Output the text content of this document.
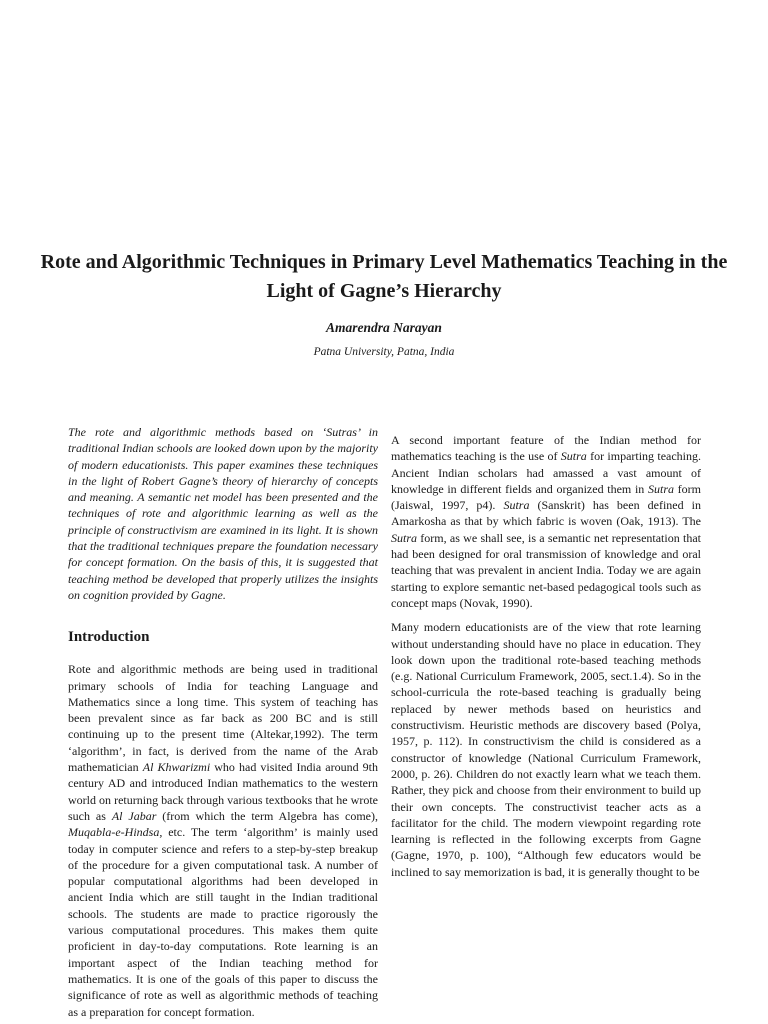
Rote and Algorithmic Techniques in Primary Level Mathematics Teaching in the Light of Gagne’s Hierarchy
Amarendra Narayan
Patna University, Patna, India

The rote and algorithmic methods based on ‘Sutras’ in traditional Indian schools are looked down upon by the majority of modern educationists. This paper examines these techniques in the light of Robert Gagne’s theory of hierarchy of concepts and meaning. A semantic net model has been presented and the techniques of rote and algorithmic learning as well as the principle of constructivism are examined in its light. It is shown that the traditional techniques prepare the foundation necessary for concept formation. On the basis of this, it is suggested that teaching method be developed that properly utilizes the insights on cognition provided by Gagne.

Introduction

Rote and algorithmic methods are being used in traditional primary schools of India for teaching Language and Mathematics since a long time. This system of teaching has been prevalent since as far back as 200 BC and is still continuing up to the present time (Altekar,1992). The term ‘algorithm’, in fact, is derived from the name of the Arab mathematician Al Khwarizmi who had visited India around 9th century AD and introduced Indian mathematics to the western world on returning back through various textbooks that he wrote such as Al Jabar (from which the term Algebra has come), Muqabla-e-Hindsa, etc. The term ‘algorithm’ is mainly used today in computer science and refers to a step-by-step breakup of the procedure for a given computational task. A number of popular computational algorithms had been developed in ancient India which are still taught in the Indian traditional schools. The students are made to practice rigorously the various computational procedures. This makes them quite proficient in day-to-day computations. Rote learning is an important aspect of the Indian teaching method for mathematics. It is one of the goals of this paper to discuss the significance of rote as well as algorithmic methods of teaching as a preparation for concept formation.

A second important feature of the Indian method for mathematics teaching is the use of Sutra for imparting teaching. Ancient Indian scholars had amassed a vast amount of knowledge in different fields and organized them in Sutra form (Jaiswal, 1997, p4). Sutra (Sanskrit) has been defined in Amarkosha as that by which fabric is woven (Oak, 1913). The Sutra form, as we shall see, is a semantic net representation that had been designed for oral transmission of knowledge and oral teaching that was prevalent in ancient India. Today we are again starting to explore semantic net-based pedagogical tools such as concept maps (Novak, 1990).

Many modern educationists are of the view that rote learning without understanding should have no place in education. They look down upon the traditional rote-based teaching methods (e.g. National Curriculum Framework, 2005, sect.1.4). So in the school-curricula the rote-based teaching is gradually being replaced by newer methods based on heuristics and constructivism. Heuristic methods are discovery based (Polya, 1957, p. 112). In constructivism the child is considered as a constructor of knowledge (National Curriculum Framework, 2000, p. 26). Children do not exactly learn what we teach them. Rather, they pick and choose from their environment to build up their own concepts. The constructivist teacher acts as a facilitator for the child. The modern viewpoint regarding rote learning is reflected in the following excerpts from Gagne (Gagne, 1970, p. 100), “Although few educators would be inclined to say memorization is bad, it is generally thought to be
